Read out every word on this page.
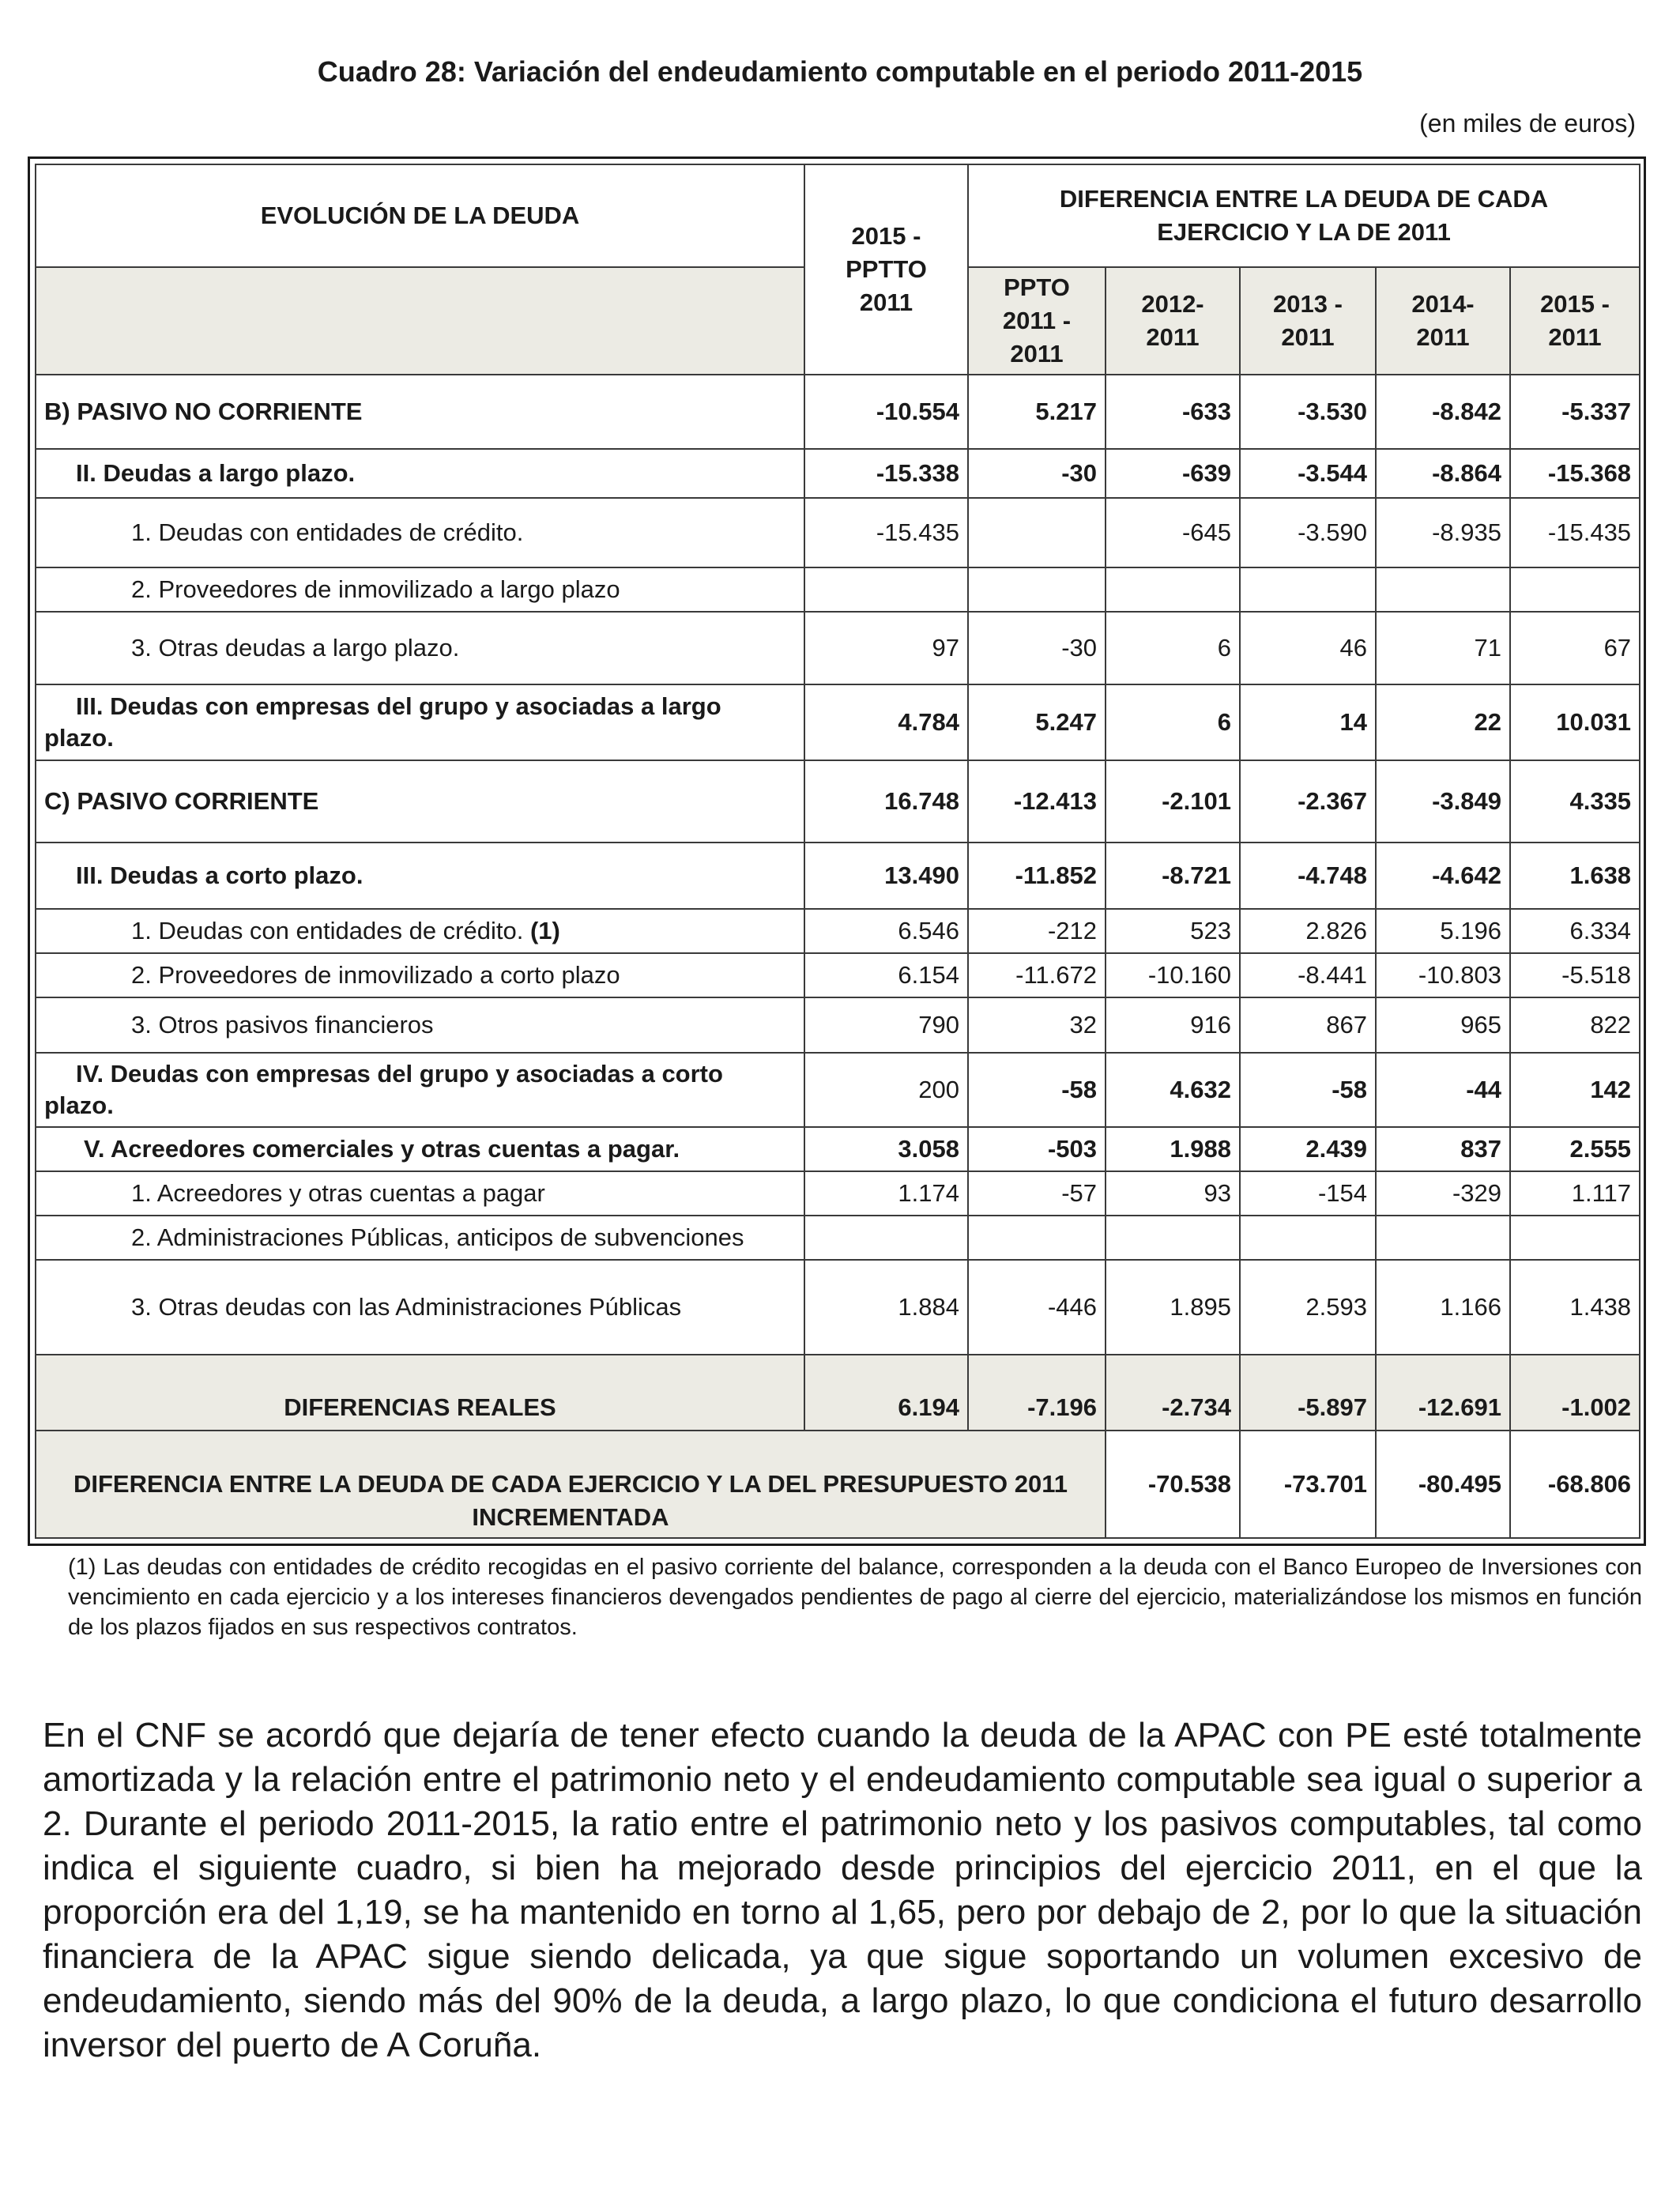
Cuadro 28: Variación del endeudamiento computable en el periodo 2011-2015
(en miles de euros)
EVOLUCIÓN DE LA DEUDA	2015 - PPTTO 2011	DIFERENCIA ENTRE LA DEUDA DE CADA EJERCICIO Y LA DE 2011				
		PPTO 2011 - 2011	2012- 2011	2013 - 2011	2014- 2011	2015 - 2011
B) PASIVO NO CORRIENTE	-10.554	5.217	-633	-3.530	-8.842	-5.337
II. Deudas a largo plazo.	-15.338	-30	-639	-3.544	-8.864	-15.368
1. Deudas con entidades de crédito.	-15.435		-645	-3.590	-8.935	-15.435
2. Proveedores de inmovilizado a largo plazo						
3. Otras deudas a largo plazo.	97	-30	6	46	71	67
III. Deudas con empresas del grupo y asociadas a largo plazo.	4.784	5.247	6	14	22	10.031
C) PASIVO CORRIENTE	16.748	-12.413	-2.101	-2.367	-3.849	4.335
III. Deudas a corto plazo.	13.490	-11.852	-8.721	-4.748	-4.642	1.638
1. Deudas con entidades de crédito. (1)	6.546	-212	523	2.826	5.196	6.334
2. Proveedores de inmovilizado a corto plazo	6.154	-11.672	-10.160	-8.441	-10.803	-5.518
3. Otros pasivos financieros	790	32	916	867	965	822
IV. Deudas con empresas del grupo y asociadas a corto plazo.	200	-58	4.632	-58	-44	142
V. Acreedores comerciales y otras cuentas a pagar.	3.058	-503	1.988	2.439	837	2.555
1. Acreedores y otras cuentas a pagar	1.174	-57	93	-154	-329	1.117
2. Administraciones Públicas, anticipos de subvenciones						
3. Otras deudas con las Administraciones Públicas	1.884	-446	1.895	2.593	1.166	1.438
DIFERENCIAS REALES	6.194	-7.196	-2.734	-5.897	-12.691	-1.002
DIFERENCIA ENTRE LA DEUDA DE CADA EJERCICIO Y LA DEL PRESUPUESTO 2011 INCREMENTADA			-70.538	-73.701	-80.495	-68.806
(1) Las deudas con entidades de crédito recogidas en el pasivo corriente del balance, corresponden a la deuda con el Banco Europeo de Inversiones con vencimiento en cada ejercicio y a los intereses financieros devengados pendientes de pago al cierre del ejercicio, materializándose los mismos en función de los plazos fijados en sus respectivos contratos.
En el CNF se acordó que dejaría de tener efecto cuando la deuda de la APAC con PE esté totalmente amortizada y la relación entre el patrimonio neto y el endeudamiento computable sea igual o superior a 2. Durante el periodo 2011-2015, la ratio entre el patrimonio neto y los pasivos computables, tal como indica el siguiente cuadro, si bien ha mejorado desde principios del ejercicio 2011, en el que la proporción era del 1,19, se ha mantenido en torno al 1,65, pero por debajo de 2, por lo que la situación financiera de la APAC sigue siendo delicada, ya que sigue soportando un volumen excesivo de endeudamiento, siendo más del 90% de la deuda, a largo plazo, lo que condiciona el futuro desarrollo inversor del puerto de A Coruña.
